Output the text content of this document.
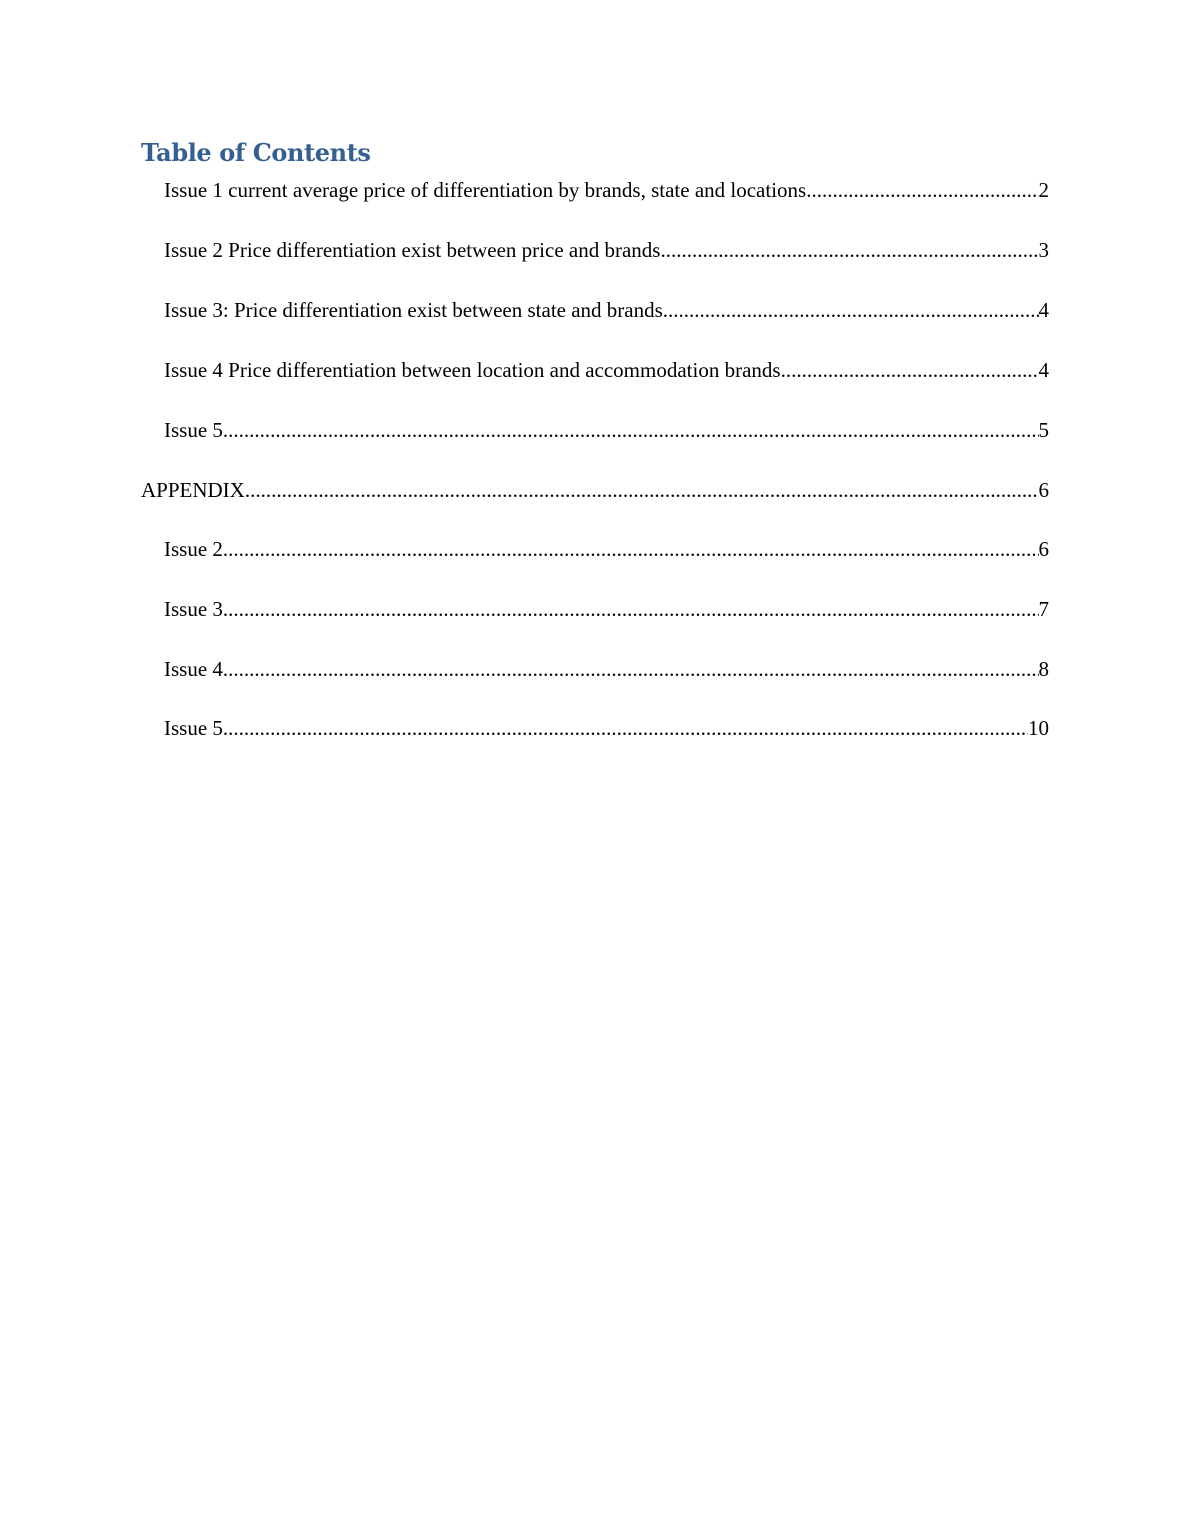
Table of Contents
Issue 1 current average price of differentiation by brands, state and locations .....	2
Issue 2 Price differentiation exist between price and brands .....	3
Issue 3: Price differentiation exist between state and brands .....	4
Issue 4 Price differentiation between location and accommodation brands .....	4
Issue 5 .....	5
APPENDIX .....	6
Issue 2 .....	6
Issue 3 .....	7
Issue 4 .....	8
Issue 5 .....	10
